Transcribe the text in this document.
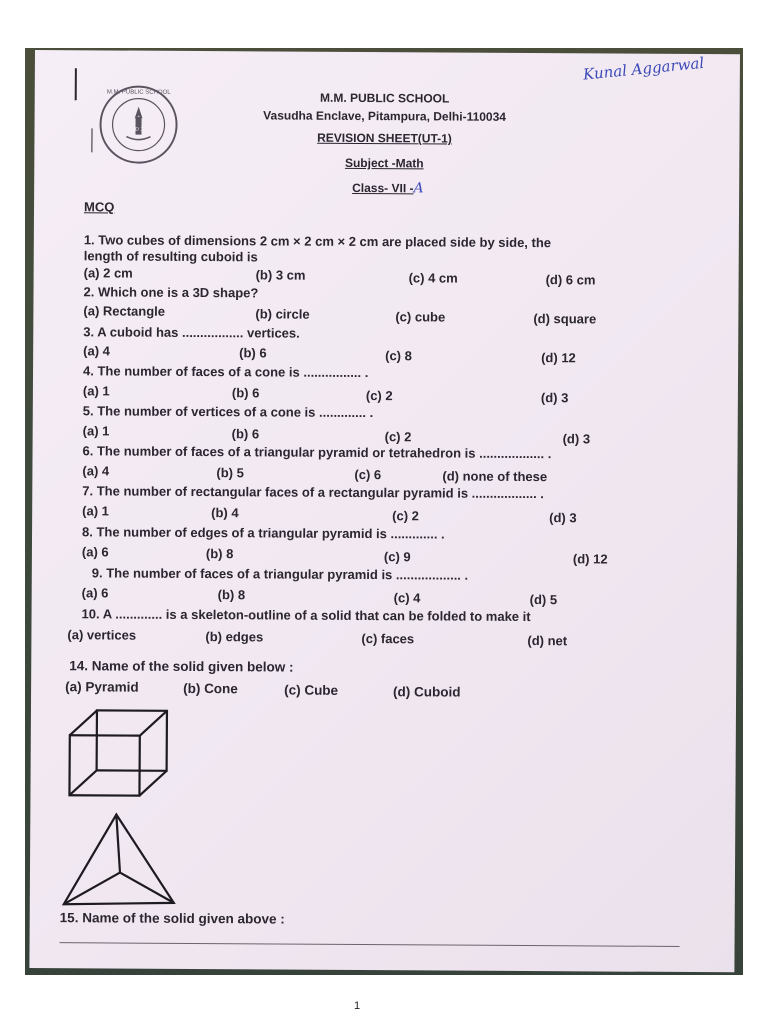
Kunal Aggarwal
M.M. PUBLIC SCHOOL
ESTD 1968
M.M. PUBLIC SCHOOL
Vasudha Enclave, Pitampura, Delhi-110034
REVISION SHEET(UT-1)
Subject -Math
Class- VII -A
MCQ
1. Two cubes of dimensions 2 cm × 2 cm × 2 cm are placed side by side, the
length of resulting cuboid is
(a) 2 cm	(b) 3 cm	(c) 4 cm	(d) 6 cm
2. Which one is a 3D shape?
(a) Rectangle	(b) circle	(c) cube	(d) square
3. A cuboid has ................. vertices.
(a) 4	(b) 6	(c) 8	(d) 12
4. The number of faces of a cone is ................ .
(a) 1	(b) 6	(c) 2	(d) 3
5. The number of vertices of a cone is ............. .
(a) 1	(b) 6	(c) 2	(d) 3
6. The number of faces of a triangular pyramid or tetrahedron is .................. .
(a) 4	(b) 5	(c) 6	(d) none of these
7. The number of rectangular faces of a rectangular pyramid is .................. .
(a) 1	(b) 4	(c) 2	(d) 3
8. The number of edges of a triangular pyramid is ............. .
(a) 6	(b) 8	(c) 9	(d) 12
9. The number of faces of a triangular pyramid is .................. .
(a) 6	(b) 8	(c) 4	(d) 5
10. A ............. is a skeleton-outline of a solid that can be folded to make it
(a) vertices	(b) edges	(c) faces	(d) net
14. Name of the solid given below :
(a) Pyramid	(b) Cone	(c) Cube	(d) Cuboid
15. Name of the solid given above :
1
